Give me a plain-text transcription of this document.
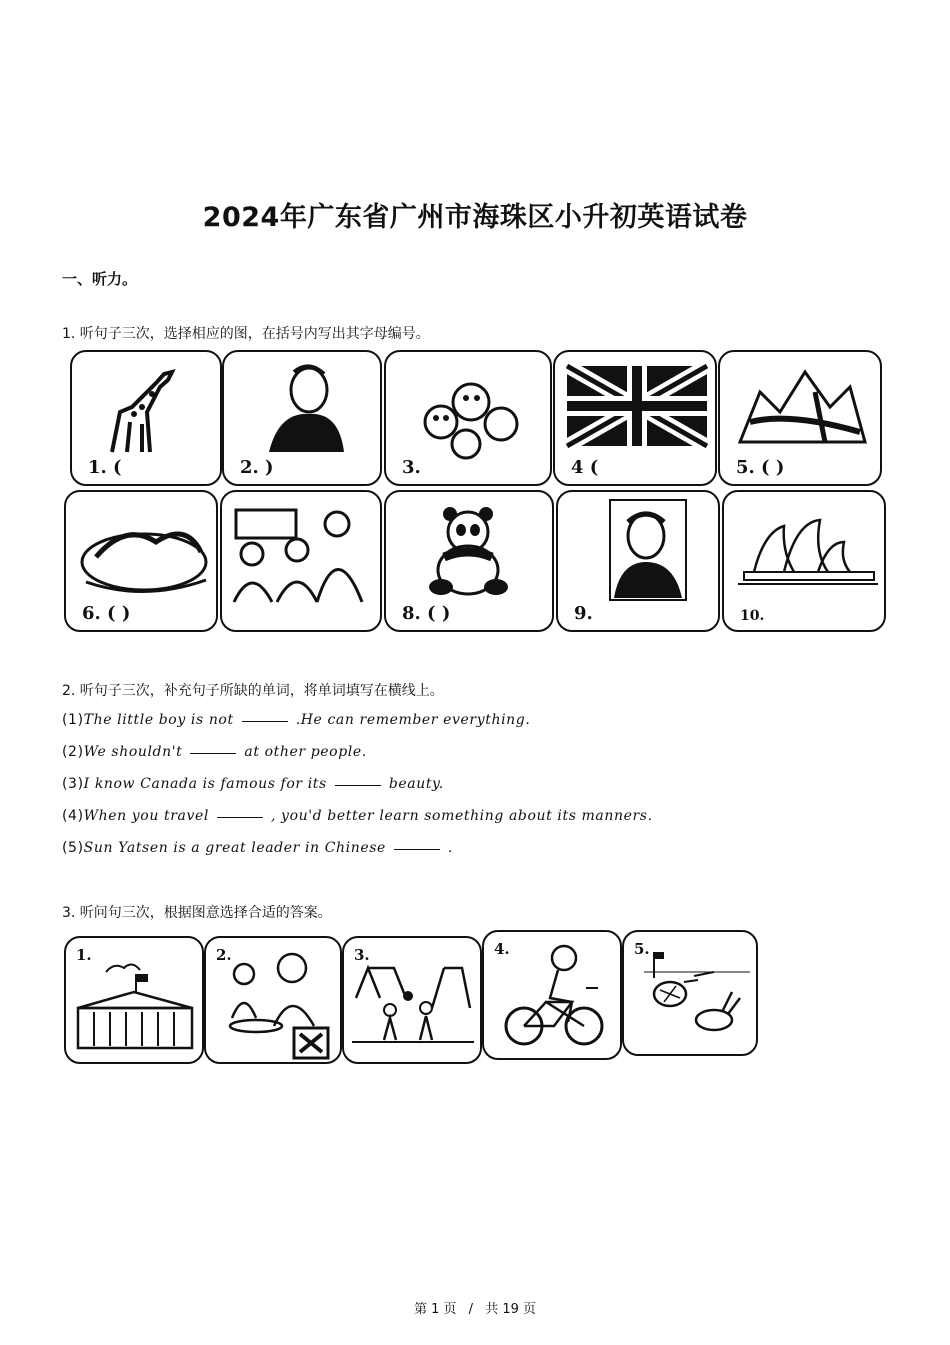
2024年广东省广州市海珠区小升初英语试卷
一、听力。
1. 听句子三次，选择相应的图，在括号内写出其字母编号。
1. (	2. )	3.	4 (	5. ( )
6. ( )	8. ( )	9.	10.
2. 听句子三次，补充句子所缺的单词，将单词填写在横线上。
(1)The little boy is not	.He can remember everything.
(2)We shouldn't	at other people.
(3)I know Canada is famous for its	beauty.
(4)When you travel	, you'd better learn something about its manners.
(5)Sun Yatsen is a great leader in Chinese	.
3. 听问句三次，根据图意选择合适的答案。
1.	2.	3.	4.	5.
第 1 页 / 共 19 页
